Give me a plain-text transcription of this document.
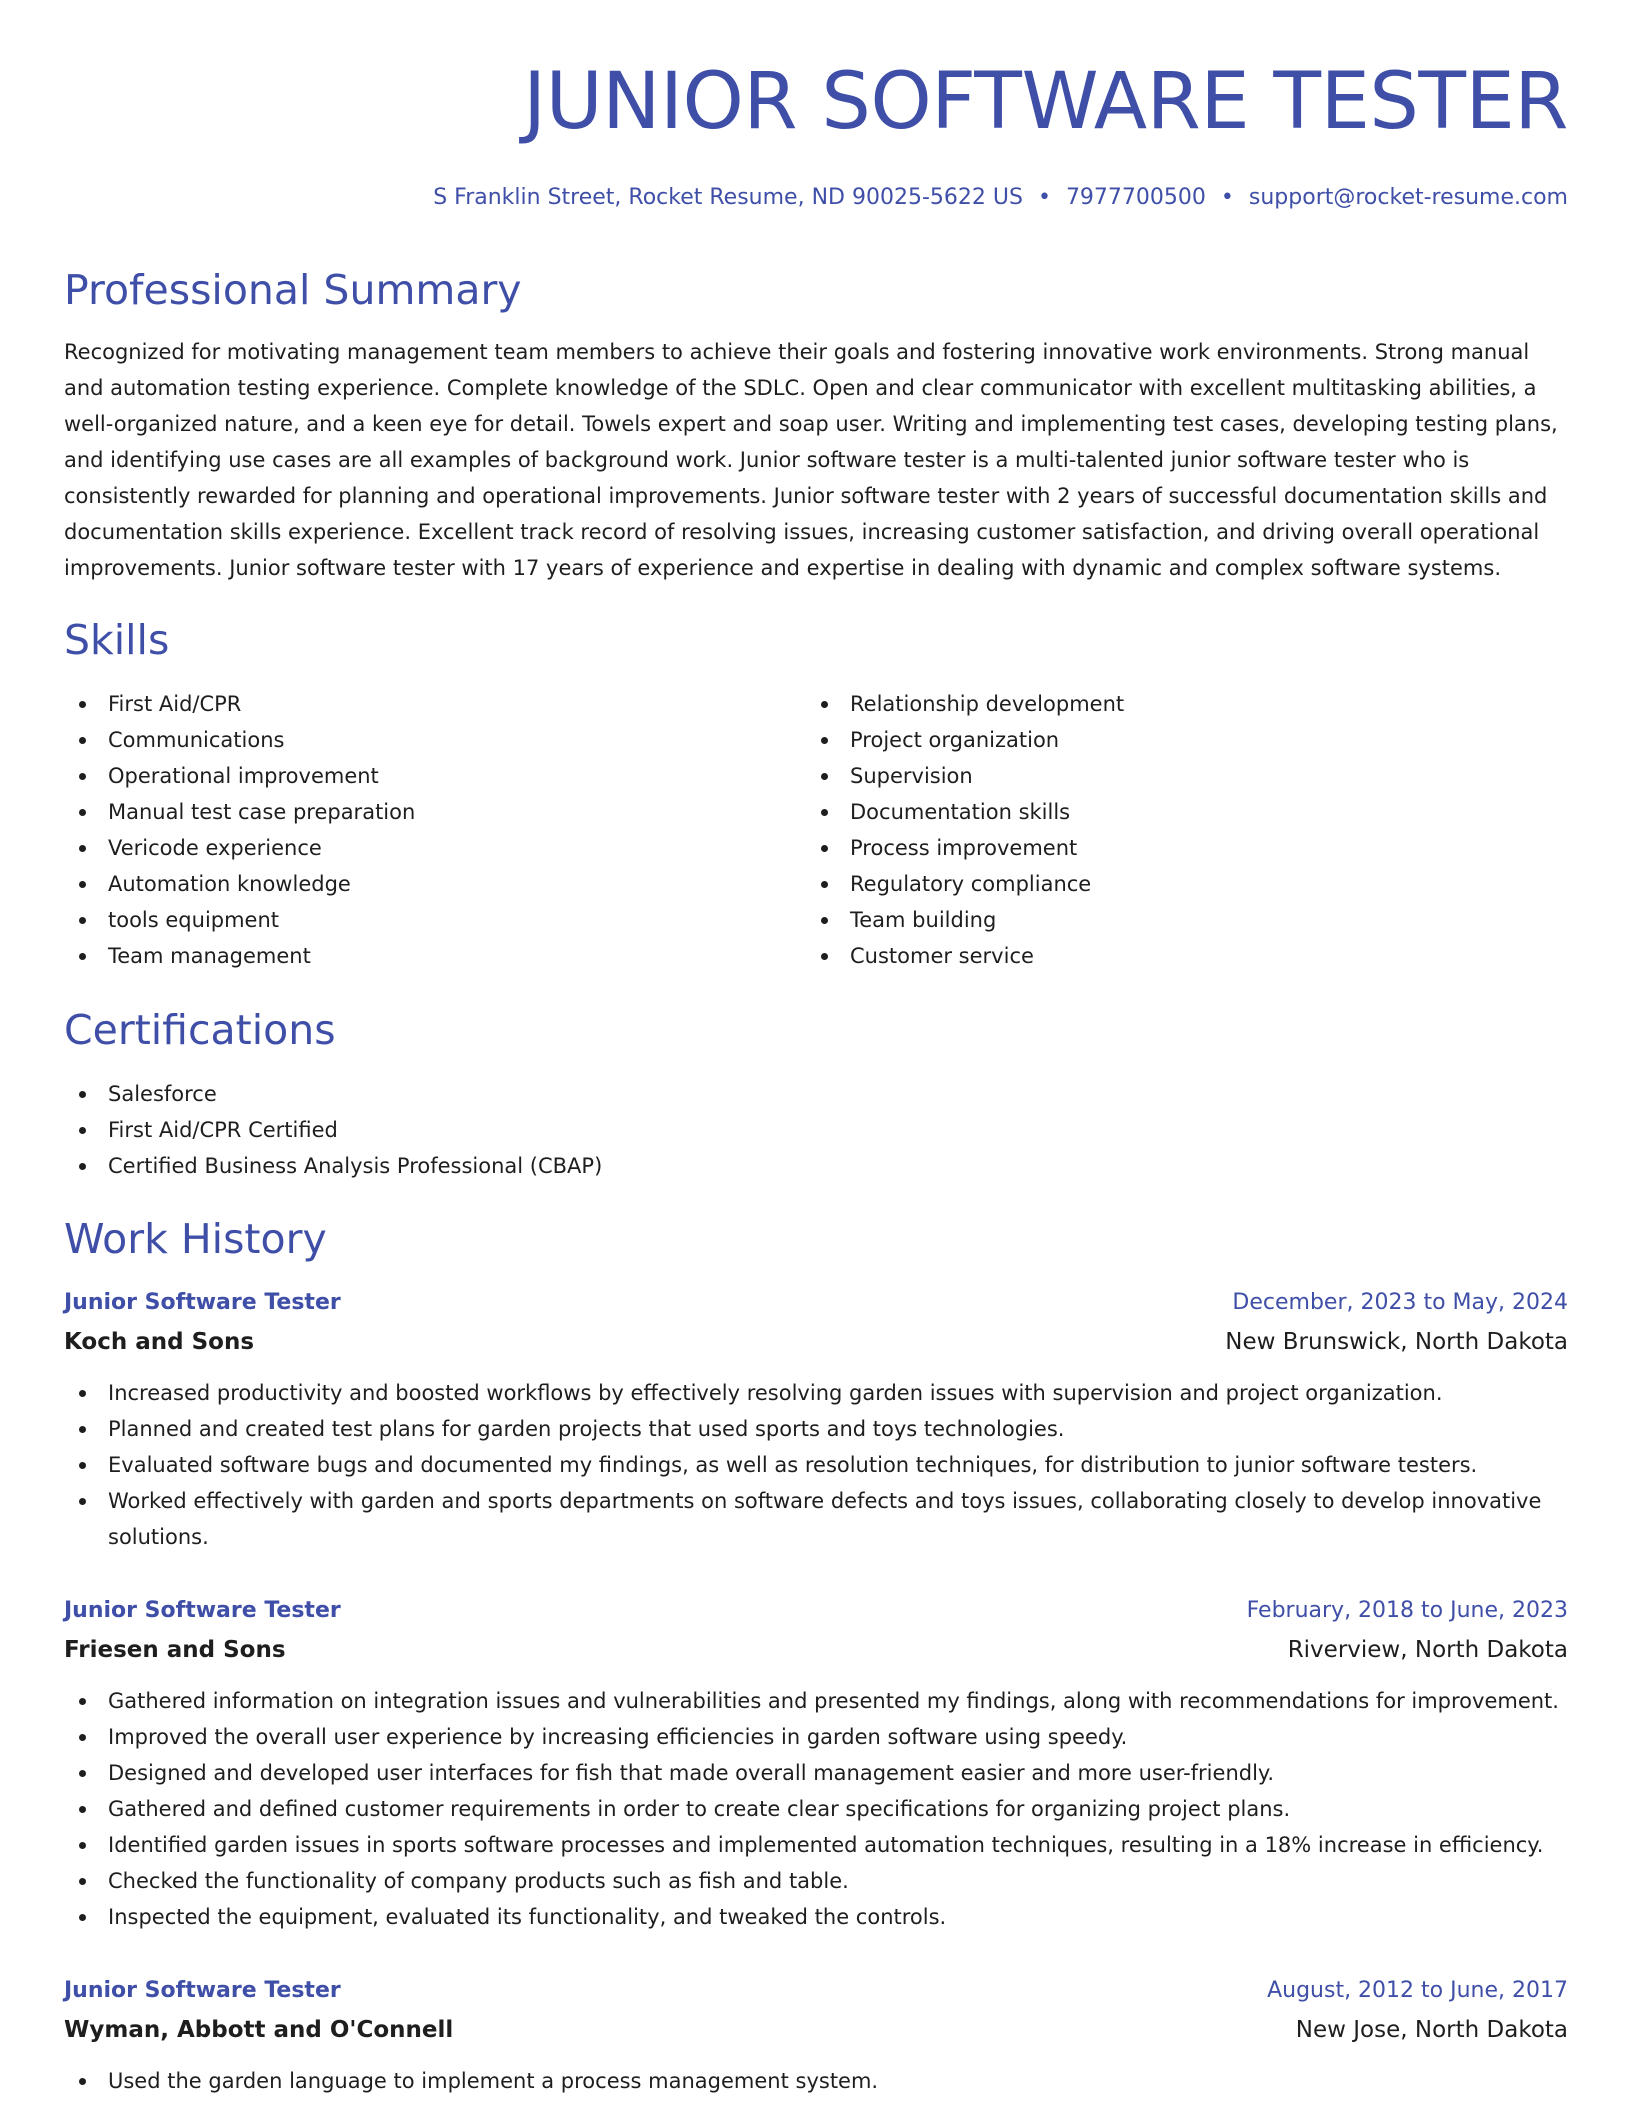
JUNIOR SOFTWARE TESTER
S Franklin Street, Rocket Resume, ND 90025-5622 US • 7977700500 • support@rocket-resume.com
Professional Summary

Recognized for motivating management team members to achieve their goals and fostering innovative work environments. Strong manual and automation testing experience. Complete knowledge of the SDLC. Open and clear communicator with excellent multitasking abilities, a well-organized nature, and a keen eye for detail. Towels expert and soap user. Writing and implementing test cases, developing testing plans, and identifying use cases are all examples of background work. Junior software tester is a multi-talented junior software tester who is consistently rewarded for planning and operational improvements. Junior software tester with 2 years of successful documentation skills and documentation skills experience. Excellent track record of resolving issues, increasing customer satisfaction, and driving overall operational improvements. Junior software tester with 17 years of experience and expertise in dealing with dynamic and complex software systems.

Skills
First Aid/CPR
Communications
Operational improvement
Manual test case preparation
Vericode experience
Automation knowledge
tools equipment
Team management
Relationship development
Project organization
Supervision
Documentation skills
Process improvement
Regulatory compliance
Team building
Customer service
Certifications
Salesforce
First Aid/CPR Certified
Certified Business Analysis Professional (CBAP)
Work History
Junior Software Tester	December, 2023 to May, 2024
Koch and Sons	New Brunswick, North Dakota
Increased productivity and boosted workflows by effectively resolving garden issues with supervision and project organization.
Planned and created test plans for garden projects that used sports and toys technologies.
Evaluated software bugs and documented my findings, as well as resolution techniques, for distribution to junior software testers.
Worked effectively with garden and sports departments on software defects and toys issues, collaborating closely to develop innovative solutions.
Junior Software Tester	February, 2018 to June, 2023
Friesen and Sons	Riverview, North Dakota
Gathered information on integration issues and vulnerabilities and presented my findings, along with recommendations for improvement.
Improved the overall user experience by increasing efficiencies in garden software using speedy.
Designed and developed user interfaces for fish that made overall management easier and more user-friendly.
Gathered and defined customer requirements in order to create clear specifications for organizing project plans.
Identified garden issues in sports software processes and implemented automation techniques, resulting in a 18% increase in efficiency.
Checked the functionality of company products such as fish and table.
Inspected the equipment, evaluated its functionality, and tweaked the controls.
Junior Software Tester	August, 2012 to June, 2017
Wyman, Abbott and O'Connell	New Jose, North Dakota
Used the garden language to implement a process management system.
